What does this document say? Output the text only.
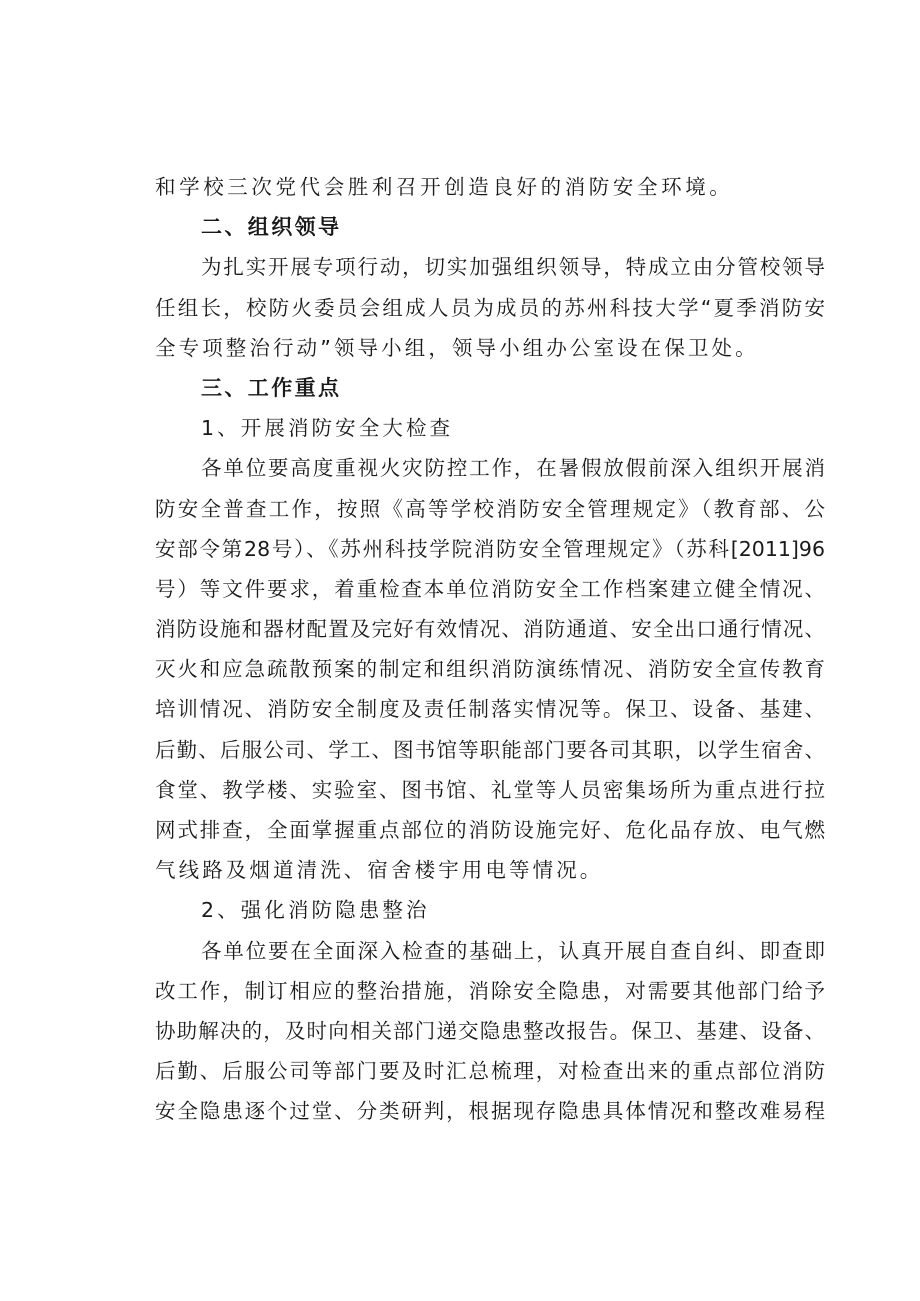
和学校三次党代会胜利召开创造良好的消防安全环境。
二、组织领导
为扎实开展专项行动，切实加强组织领导，特成立由分管校领导
任组长，校防火委员会组成人员为成员的苏州科技大学“夏季消防安
全专项整治行动”领导小组，领导小组办公室设在保卫处。
三、工作重点
1、开展消防安全大检查
各单位要高度重视火灾防控工作，在暑假放假前深入组织开展消
防安全普查工作，按照《高等学校消防安全管理规定》（教育部、公
安部令第28号）、《苏州科技学院消防安全管理规定》（苏科[2011]96
号）等文件要求，着重检查本单位消防安全工作档案建立健全情况、
消防设施和器材配置及完好有效情况、消防通道、安全出口通行情况、
灭火和应急疏散预案的制定和组织消防演练情况、消防安全宣传教育
培训情况、消防安全制度及责任制落实情况等。保卫、设备、基建、
后勤、后服公司、学工、图书馆等职能部门要各司其职，以学生宿舍、
食堂、教学楼、实验室、图书馆、礼堂等人员密集场所为重点进行拉
网式排查，全面掌握重点部位的消防设施完好、危化品存放、电气燃
气线路及烟道清洗、宿舍楼宇用电等情况。
2、强化消防隐患整治
各单位要在全面深入检查的基础上，认真开展自查自纠、即查即
改工作，制订相应的整治措施，消除安全隐患，对需要其他部门给予
协助解决的，及时向相关部门递交隐患整改报告。保卫、基建、设备、
后勤、后服公司等部门要及时汇总梳理，对检查出来的重点部位消防
安全隐患逐个过堂、分类研判，根据现存隐患具体情况和整改难易程
